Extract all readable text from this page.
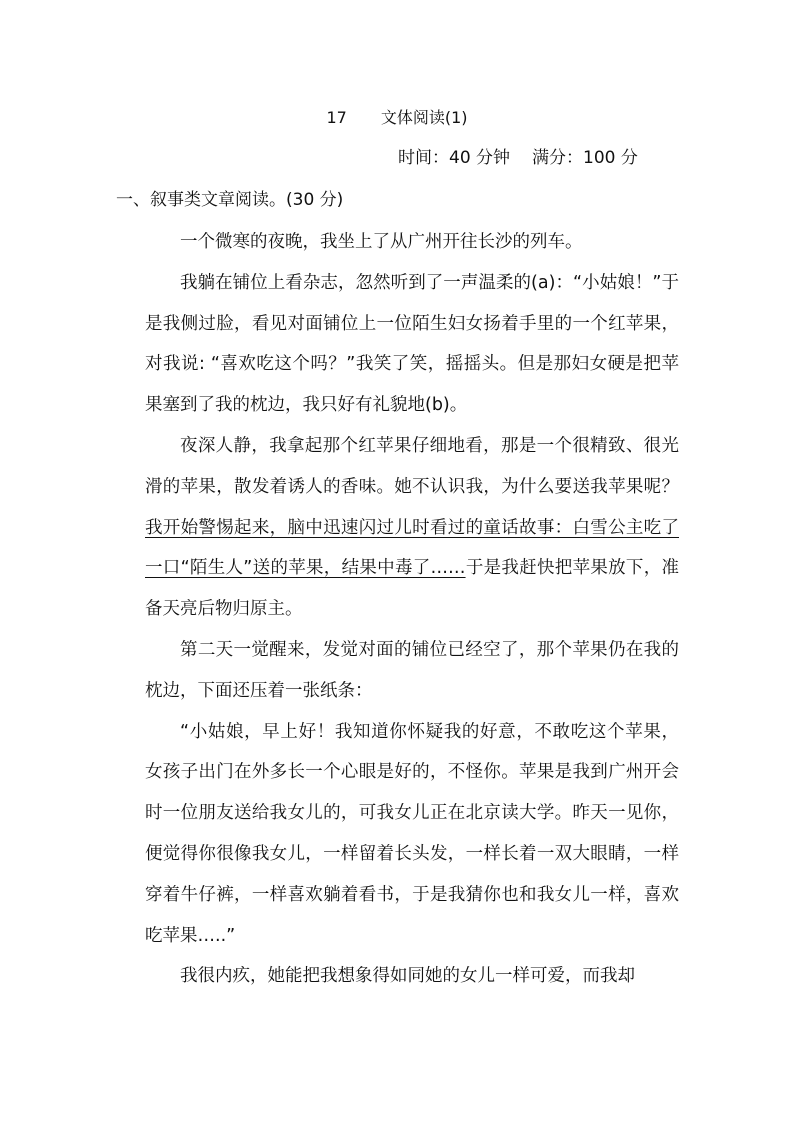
17 文体阅读(1)
时间：40 分钟 满分：100 分
一、叙事类文章阅读。(30 分)

一个微寒的夜晚，我坐上了从广州开往长沙的列车。

我躺在铺位上看杂志，忽然听到了一声温柔的(a)：“小姑娘！”于是我侧过脸，看见对面铺位上一位陌生妇女扬着手里的一个红苹果，对我说: “喜欢吃这个吗？”我笑了笑，摇摇头。但是那妇女硬是把苹果塞到了我的枕边，我只好有礼貌地(b)。

夜深人静，我拿起那个红苹果仔细地看，那是一个很精致、很光滑的苹果，散发着诱人的香味。她不认识我，为什么要送我苹果呢？我开始警惕起来，脑中迅速闪过儿时看过的童话故事：白雪公主吃了一口“陌生人”送的苹果，结果中毒了……于是我赶快把苹果放下，准备天亮后物归原主。

第二天一觉醒来，发觉对面的铺位已经空了，那个苹果仍在我的枕边，下面还压着一张纸条：

“小姑娘，早上好！我知道你怀疑我的好意，不敢吃这个苹果，女孩子出门在外多长一个心眼是好的，不怪你。苹果是我到广州开会时一位朋友送给我女儿的，可我女儿正在北京读大学。昨天一见你，便觉得你很像我女儿，一样留着长头发，一样长着一双大眼睛，一样穿着牛仔裤，一样喜欢躺着看书，于是我猜你也和我女儿一样，喜欢吃苹果…..”

我很内疚，她能把我想象得如同她的女儿一样可爱，而我却
